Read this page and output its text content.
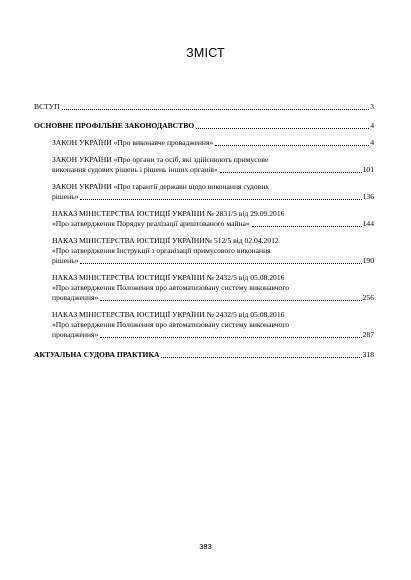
ЗМІСТ
ВСТУП	3
ОСНОВНЕ ПРОФІЛЬНЕ ЗАКОНОДАВСТВО	4
ЗАКОН УКРАЇНИ «Про виконавче провадження»	4
ЗАКОН УКРАЇНИ «Про органи та осіб, які здійснюють примусове
виконання судових рішень і рішень інших органів»	101
ЗАКОН УКРАЇНИ «Про гарантії держави щодо виконання судових
рішень»	136
НАКАЗ МІНІСТЕРСТВА ЮСТИЦІЇ УКРАЇНИ № 2831/5 від 29.09.2016
«Про затвердження Порядку реалізації арештованого майна»	144
НАКАЗ МІНІСТЕРСТВА ЮСТИЦІЇ УКРАЇНИ№ 512/5 від 02.04.2012
«Про затвердження Інструкції з організації примусового виконання
рішень»	190
НАКАЗ МІНІСТЕРСТВА ЮСТИЦІЇ УКРАЇНИ № 2432/5 від 05.08.2016
«Про затвердження Положення про автоматизовану систему виконавчого
провадження»	256
НАКАЗ МІНІСТЕРСТВА ЮСТИЦІЇ УКРАЇНИ № 2432/5 від 05.08.2016
«Про затвердження Положення про автоматизовану систему виконавчого
провадження»	287
АКТУАЛЬНА СУДОВА ПРАКТИКА	318
383
